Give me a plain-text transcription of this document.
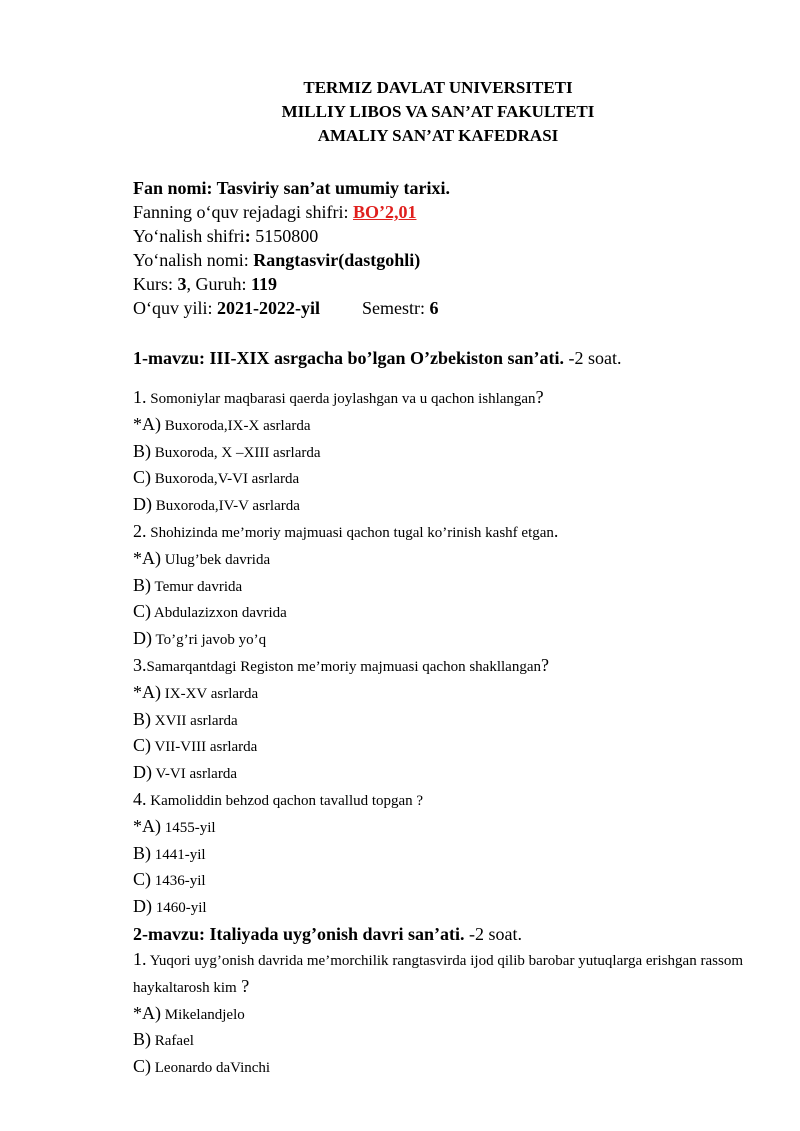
TERMIZ DAVLAT UNIVERSITETI
MILLIY LIBOS VA SAN’AT FAKULTETI
AMALIY SAN’AT KAFEDRASI
Fan nomi: Tasviriy san’at umumiy tarixi.
Fanning oʻquv rejadagi shifri: BO’2,01
Yoʻnalish shifri: 5150800
Yoʻnalish nomi: Rangtasvir(dastgohli)
Kurs: 3, Guruh: 119
Oʻquv yili: 2021-2022-yil Semestr: 6
1-mavzu: III-XIX asrgacha bo’lgan O’zbekiston san’ati. -2 soat.
1. Somoniylar maqbarasi qaerda joylashgan va u qachon ishlangan?
*A) Buxoroda,IX-X asrlarda
B) Buxoroda, X –XIII asrlarda
C) Buxoroda,V-VI asrlarda
D) Buxoroda,IV-V asrlarda
2. Shohizinda me’moriy majmuasi qachon tugal ko’rinish kashf etgan.
*A) Ulug’bek davrida
B) Temur davrida
C) Abdulazizxon davrida
D) To’g’ri javob yo’q
3.Samarqantdagi Registon me’moriy majmuasi qachon shakllangan?
*A) IX-XV asrlarda
B) XVII asrlarda
C) VII-VIII asrlarda
D) V-VI asrlarda
4. Kamoliddin behzod qachon tavallud topgan ?
*A) 1455-yil
B) 1441-yil
C) 1436-yil
D) 1460-yil
2-mavzu: Italiyada uyg’onish davri san’ati. -2 soat.
1. Yuqori uyg’onish davrida me’morchilik rangtasvirda ijod qilib barobar yutuqlarga erishgan rassom haykaltarosh kim ?
*A) Mikelandjelo
B) Rafael
C) Leonardo daVinchi
